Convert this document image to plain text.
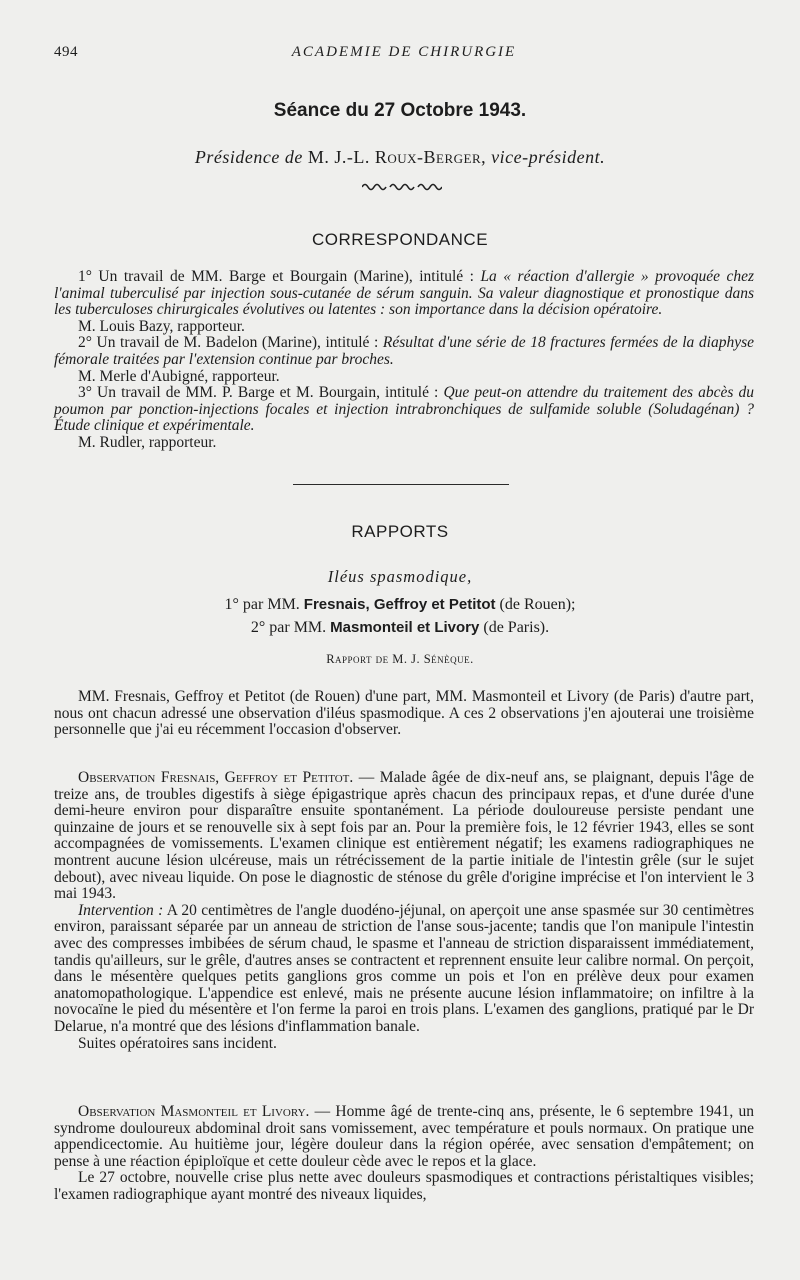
494	ACADEMIE DE CHIRURGIE
Séance du 27 Octobre 1943.
Présidence de M. J.-L. Roux-Berger, vice-président.
CORRESPONDANCE

1° Un travail de MM. Barge et Bourgain (Marine), intitulé : La « réaction d'allergie » provoquée chez l'animal tuberculisé par injection sous-cutanée de sérum sanguin. Sa valeur diagnostique et pronostique dans les tuberculoses chirurgicales évolutives ou latentes : son importance dans la décision opératoire.

M. Louis Bazy, rapporteur.

2° Un travail de M. Badelon (Marine), intitulé : Résultat d'une série de 18 fractures fermées de la diaphyse fémorale traitées par l'extension continue par broches.

M. Merle d'Aubigné, rapporteur.

3° Un travail de MM. P. Barge et M. Bourgain, intitulé : Que peut-on attendre du traitement des abcès du poumon par ponction-injections focales et injection intrabronchiques de sulfamide soluble (Soludagénan) ? Étude clinique et expérimentale.

M. Rudler, rapporteur.

RAPPORTS
Iléus spasmodique,
1° par MM. Fresnais, Geffroy et Petitot (de Rouen);
2° par MM. Masmonteil et Livory (de Paris).
Rapport de M. J. Sénèque.

MM. Fresnais, Geffroy et Petitot (de Rouen) d'une part, MM. Masmonteil et Livory (de Paris) d'autre part, nous ont chacun adressé une observation d'iléus spasmodique. A ces 2 observations j'en ajouterai une troisième personnelle que j'ai eu récemment l'occasion d'observer.

Observation Fresnais, Geffroy et Petitot. — Malade âgée de dix-neuf ans, se plaignant, depuis l'âge de treize ans, de troubles digestifs à siège épigastrique après chacun des principaux repas, et d'une durée d'une demi-heure environ pour disparaître ensuite spontanément. La période douloureuse persiste pendant une quinzaine de jours et se renouvelle six à sept fois par an. Pour la première fois, le 12 février 1943, elles se sont accompagnées de vomissements. L'examen clinique est entièrement négatif; les examens radiographiques ne montrent aucune lésion ulcéreuse, mais un rétrécissement de la partie initiale de l'intestin grêle (sur le sujet debout), avec niveau liquide. On pose le diagnostic de sténose du grêle d'origine imprécise et l'on intervient le 3 mai 1943.

Intervention : A 20 centimètres de l'angle duodéno-jéjunal, on aperçoit une anse spasmée sur 30 centimètres environ, paraissant séparée par un anneau de striction de l'anse sous-jacente; tandis que l'on manipule l'intestin avec des compresses imbibées de sérum chaud, le spasme et l'anneau de striction disparaissent immédiatement, tandis qu'ailleurs, sur le grêle, d'autres anses se contractent et reprennent ensuite leur calibre normal. On perçoit, dans le mésentère quelques petits ganglions gros comme un pois et l'on en prélève deux pour examen anatomopathologique. L'appendice est enlevé, mais ne présente aucune lésion inflammatoire; on infiltre à la novocaïne le pied du mésentère et l'on ferme la paroi en trois plans. L'examen des ganglions, pratiqué par le Dr Delarue, n'a montré que des lésions d'inflammation banale.

Suites opératoires sans incident.

Observation Masmonteil et Livory. — Homme âgé de trente-cinq ans, présente, le 6 septembre 1941, un syndrome douloureux abdominal droit sans vomissement, avec température et pouls normaux. On pratique une appendicectomie. Au huitième jour, légère douleur dans la région opérée, avec sensation d'empâtement; on pense à une réaction épiploïque et cette douleur cède avec le repos et la glace.

Le 27 octobre, nouvelle crise plus nette avec douleurs spasmodiques et contractions péristaltiques visibles; l'examen radiographique ayant montré des niveaux liquides,
